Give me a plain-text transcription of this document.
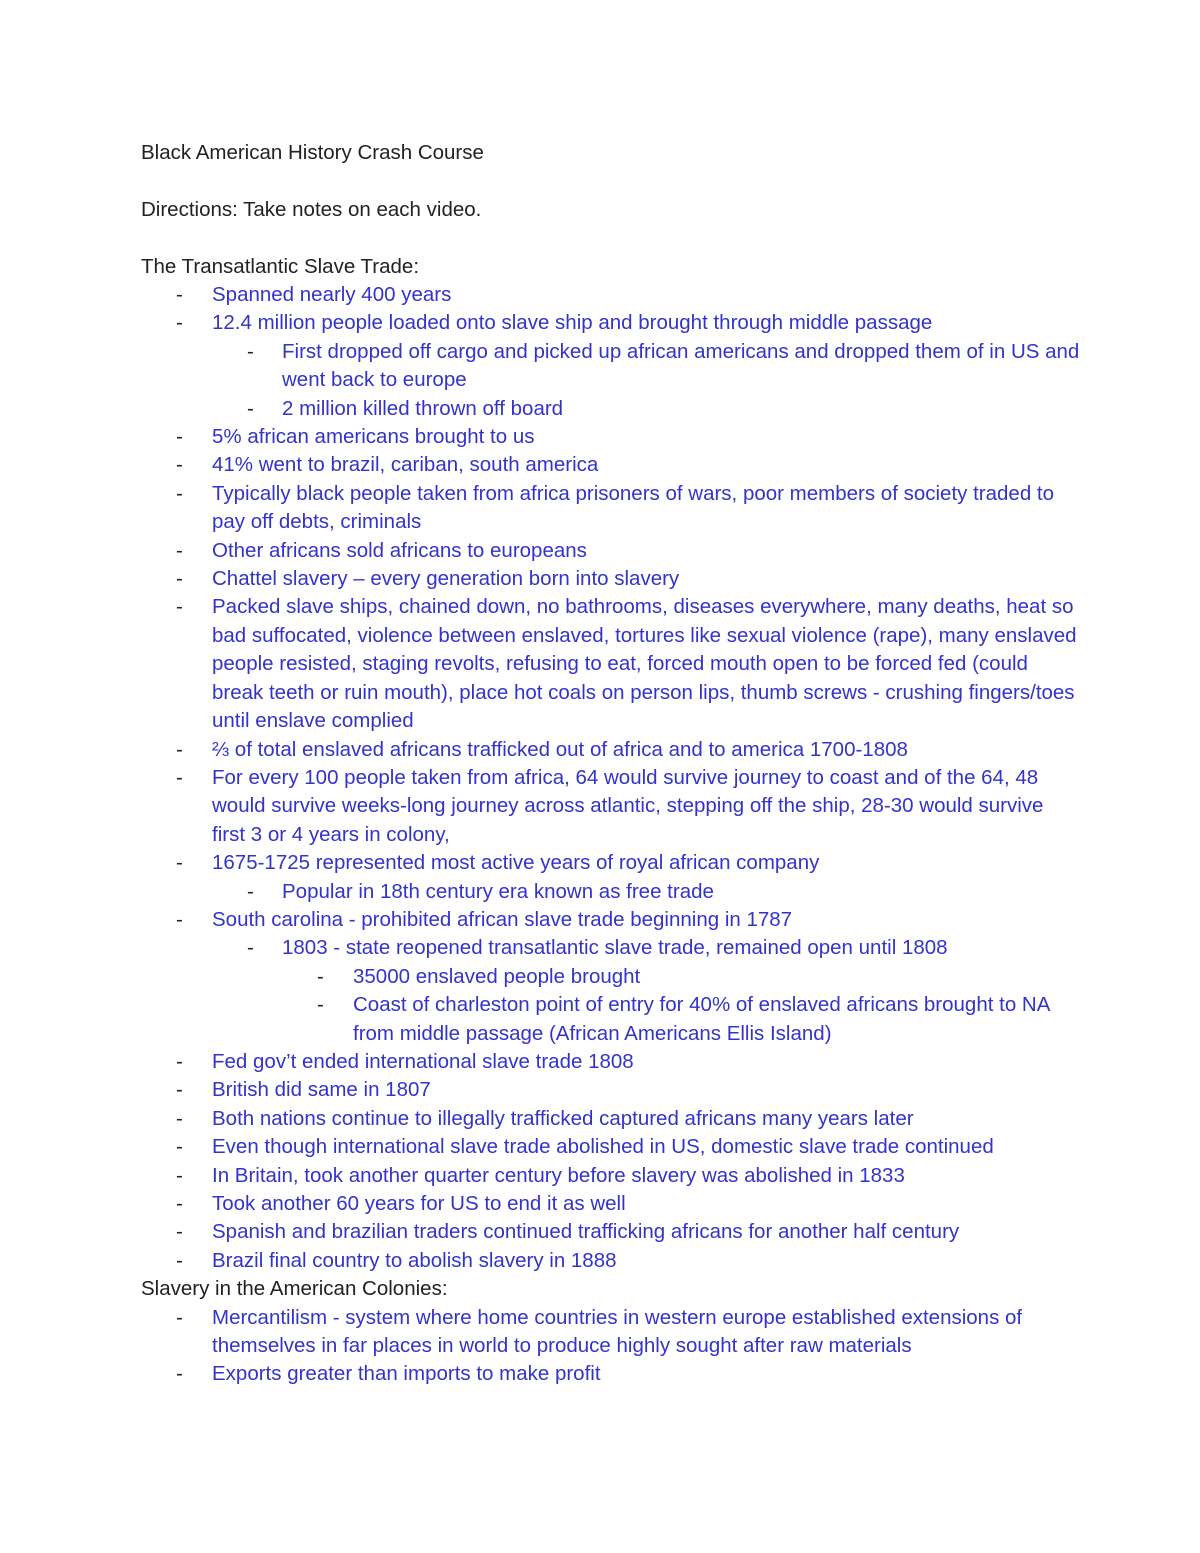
Black American History Crash Course
Directions: Take notes on each video.
The Transatlantic Slave Trade:
- Spanned nearly 400 years
- 12.4 million people loaded onto slave ship and brought through middle passage
- First dropped off cargo and picked up african americans and dropped them of in US and went back to europe
- 2 million killed thrown off board
- 5% african americans brought to us
- 41% went to brazil, cariban, south america
- Typically black people taken from africa prisoners of wars, poor members of society traded to pay off debts, criminals
- Other africans sold africans to europeans
- Chattel slavery – every generation born into slavery
- Packed slave ships, chained down, no bathrooms, diseases everywhere, many deaths, heat so bad suffocated, violence between enslaved, tortures like sexual violence (rape), many enslaved people resisted, staging revolts, refusing to eat, forced mouth open to be forced fed (could break teeth or ruin mouth), place hot coals on person lips, thumb screws - crushing fingers/toes until enslave complied
- ⅔ of total enslaved africans trafficked out of africa and to america 1700-1808
- For every 100 people taken from africa, 64 would survive journey to coast and of the 64, 48 would survive weeks-long journey across atlantic, stepping off the ship, 28-30 would survive first 3 or 4 years in colony,
- 1675-1725 represented most active years of royal african company
- Popular in 18th century era known as free trade
- South carolina - prohibited african slave trade beginning in 1787
- 1803 - state reopened transatlantic slave trade, remained open until 1808
- 35000 enslaved people brought
- Coast of charleston point of entry for 40% of enslaved africans brought to NA from middle passage (African Americans Ellis Island)
- Fed gov’t ended international slave trade 1808
- British did same in 1807
- Both nations continue to illegally trafficked captured africans many years later
- Even though international slave trade abolished in US, domestic slave trade continued
- In Britain, took another quarter century before slavery was abolished in 1833
- Took another 60 years for US to end it as well
- Spanish and brazilian traders continued trafficking africans for another half century
- Brazil final country to abolish slavery in 1888
Slavery in the American Colonies:
- Mercantilism - system where home countries in western europe established extensions of themselves in far places in world to produce highly sought after raw materials
- Exports greater than imports to make profit
